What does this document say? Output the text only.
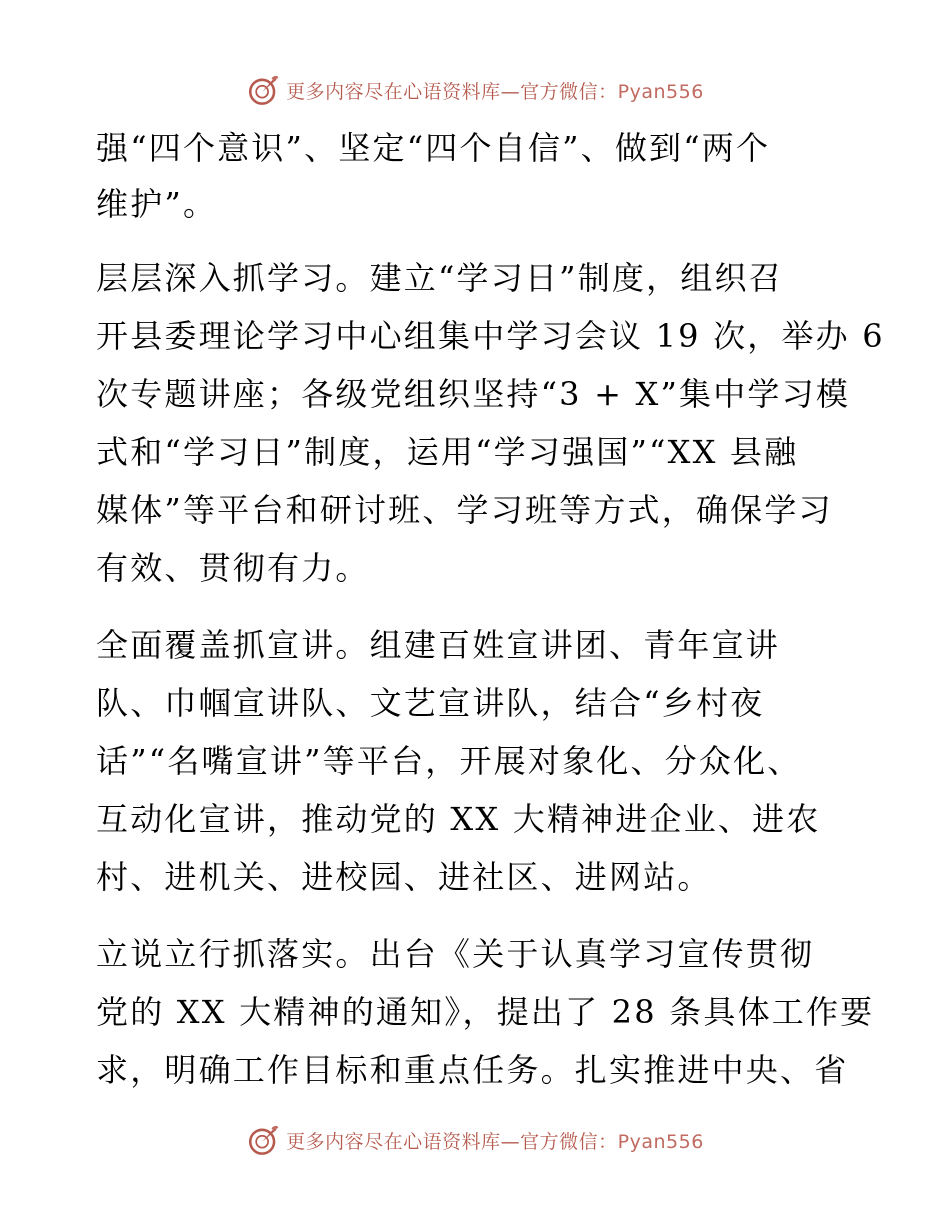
更多内容尽在心语资料库—官方微信：Pyan556
强“四个意识”、坚定“四个自信”、做到“两个
维护”。
层层深入抓学习。建立“学习日”制度，组织召
开县委理论学习中心组集中学习会议 19 次，举办 6
次专题讲座；各级党组织坚持“3 + X”集中学习模
式和“学习日”制度，运用“学习强国”“XX 县融
媒体”等平台和研讨班、学习班等方式，确保学习
有效、贯彻有力。
全面覆盖抓宣讲。组建百姓宣讲团、青年宣讲
队、巾帼宣讲队、文艺宣讲队，结合“乡村夜
话”“名嘴宣讲”等平台，开展对象化、分众化、
互动化宣讲，推动党的 XX 大精神进企业、进农
村、进机关、进校园、进社区、进网站。
立说立行抓落实。出台《关于认真学习宣传贯彻
党的 XX 大精神的通知》，提出了 28 条具体工作要
求，明确工作目标和重点任务。扎实推进中央、省
更多内容尽在心语资料库—官方微信：Pyan556
